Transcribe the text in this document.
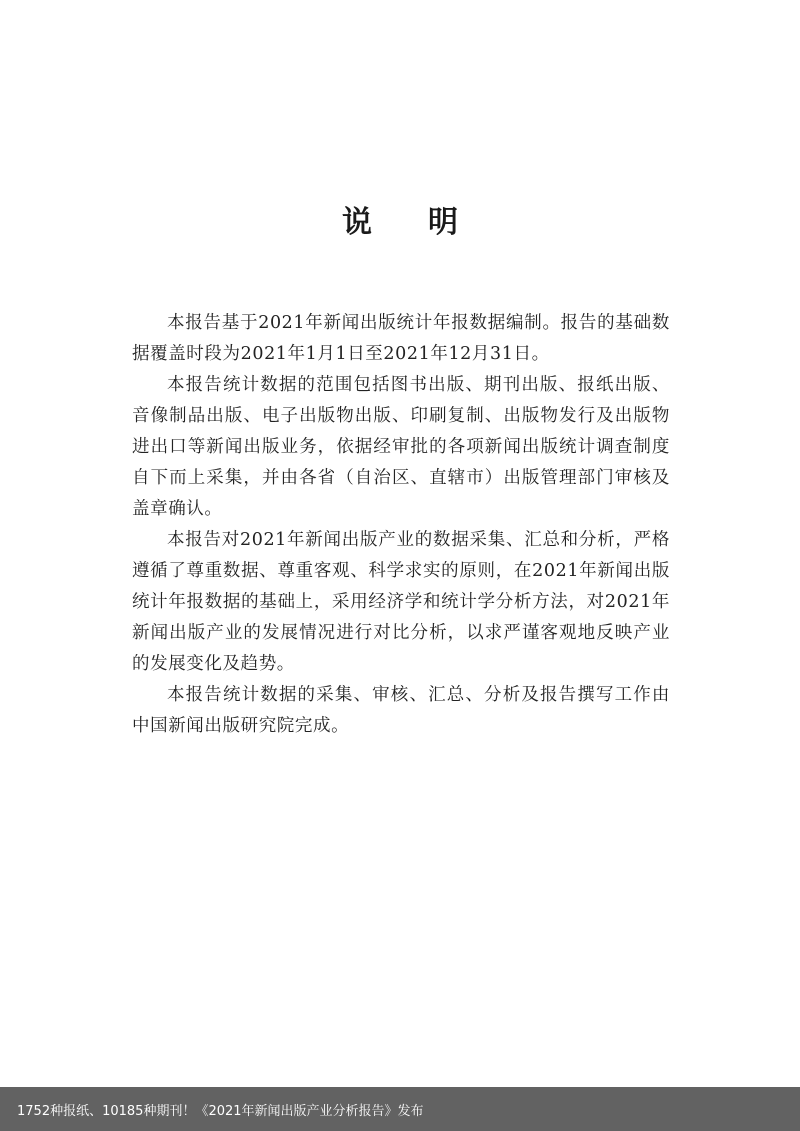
说明

本报告基于2021年新闻出版统计年报数据编制。报告的基础数据覆盖时段为2021年1月1日至2021年12月31日。

本报告统计数据的范围包括图书出版、期刊出版、报纸出版、音像制品出版、电子出版物出版、印刷复制、出版物发行及出版物进出口等新闻出版业务，依据经审批的各项新闻出版统计调查制度自下而上采集，并由各省（自治区、直辖市）出版管理部门审核及盖章确认。

本报告对2021年新闻出版产业的数据采集、汇总和分析，严格遵循了尊重数据、尊重客观、科学求实的原则，在2021年新闻出版统计年报数据的基础上，采用经济学和统计学分析方法，对2021年新闻出版产业的发展情况进行对比分析，以求严谨客观地反映产业的发展变化及趋势。

本报告统计数据的采集、审核、汇总、分析及报告撰写工作由中国新闻出版研究院完成。

1752种报纸、10185种期刊！《2021年新闻出版产业分析报告》发布
